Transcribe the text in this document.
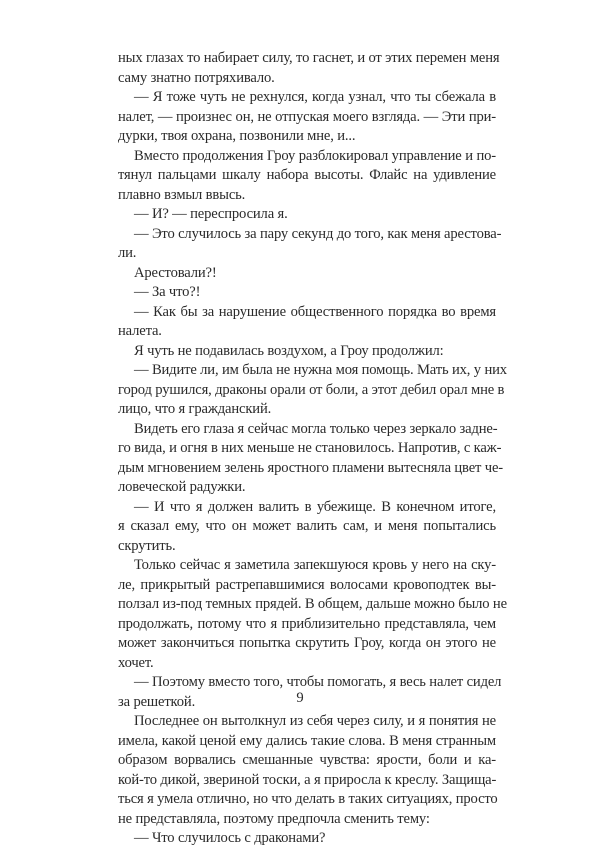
ных глазах то набирает силу, то гаснет, и от этих перемен меня
саму знатно потряхивало.
— Я тоже чуть не рехнулся, когда узнал, что ты сбежала в
налет, — произнес он, не отпуская моего взгляда. — Эти при-
дурки, твоя охрана, позвонили мне, и...
Вместо продолжения Гроу разблокировал управление и по-
тянул пальцами шкалу набора высоты. Флайс на удивление
плавно взмыл ввысь.
— И? — переспросила я.
— Это случилось за пару секунд до того, как меня арестова-
ли.
Арестовали?!
— За что?!
— Как бы за нарушение общественного порядка во время
налета.
Я чуть не подавилась воздухом, а Гроу продолжил:
— Видите ли, им была не нужна моя помощь. Мать их, у них
город рушился, драконы орали от боли, а этот дебил орал мне в
лицо, что я гражданский.
Видеть его глаза я сейчас могла только через зеркало задне-
го вида, и огня в них меньше не становилось. Напротив, с каж-
дым мгновением зелень яростного пламени вытесняла цвет че-
ловеческой радужки.
— И что я должен валить в убежище. В конечном итоге,
я сказал ему, что он может валить сам, и меня попытались
скрутить.
Только сейчас я заметила запекшуюся кровь у него на ску-
ле, прикрытый растрепавшимися волосами кровоподтек вы-
ползал из-под темных прядей. В общем, дальше можно было не
продолжать, потому что я приблизительно представляла, чем
может закончиться попытка скрутить Гроу, когда он этого не
хочет.
— Поэтому вместо того, чтобы помогать, я весь налет сидел
за решеткой.
Последнее он вытолкнул из себя через силу, и я понятия не
имела, какой ценой ему дались такие слова. В меня странным
образом ворвались смешанные чувства: ярости, боли и ка-
кой-то дикой, звериной тоски, а я приросла к креслу. Защища-
ться я умела отлично, но что делать в таких ситуациях, просто
не представляла, поэтому предпочла сменить тему:
— Что случилось с драконами?
9
